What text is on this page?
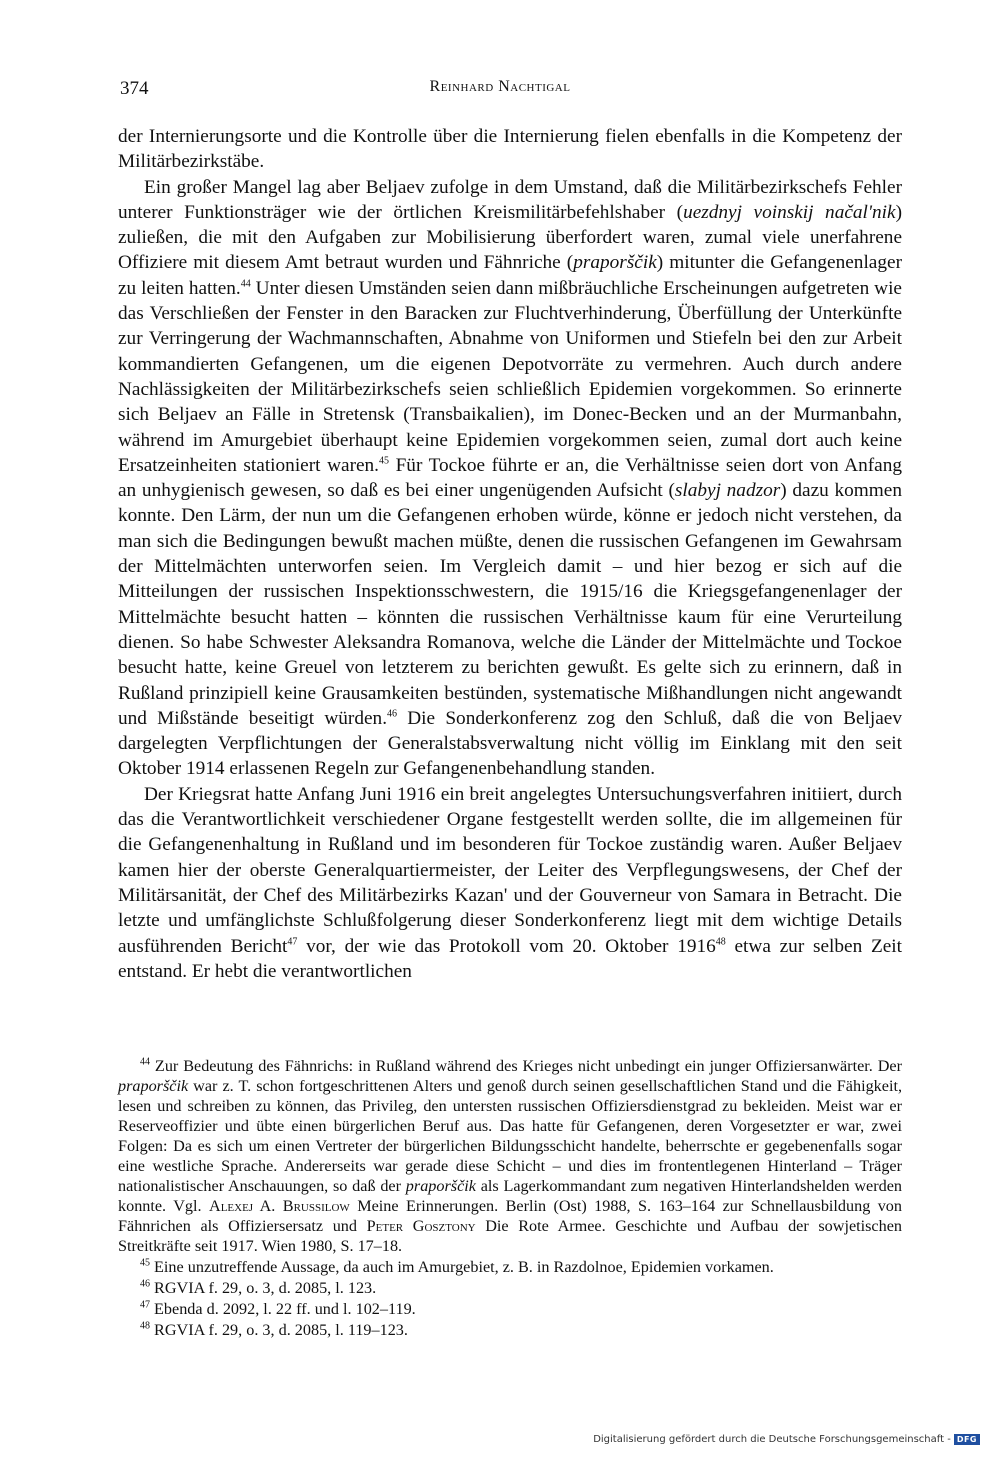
374	Reinhard Nachtigal

der Internierungsorte und die Kontrolle über die Internierung fielen ebenfalls in die Kompetenz der Militärbezirkstäbe.

Ein großer Mangel lag aber Beljaev zufolge in dem Umstand, daß die Militärbezirkschefs Fehler unterer Funktionsträger wie der örtlichen Kreismilitärbefehlshaber (uezdnyj voinskij načal'nik) zuließen, die mit den Aufgaben zur Mobilisierung überfordert waren, zumal viele unerfahrene Offiziere mit diesem Amt betraut wurden und Fähnriche (praporščik) mitunter die Gefangenenlager zu leiten hatten.$^{44}$ Unter diesen Umständen seien dann mißbräuchliche Erscheinungen aufgetreten wie das Verschließen der Fenster in den Baracken zur Fluchtverhinderung, Überfüllung der Unterkünfte zur Verringerung der Wachmannschaften, Abnahme von Uniformen und Stiefeln bei den zur Arbeit kommandierten Gefangenen, um die eigenen Depotvorräte zu vermehren. Auch durch andere Nachlässigkeiten der Militärbezirkschefs seien schließlich Epidemien vorgekommen. So erinnerte sich Beljaev an Fälle in Stretensk (Transbaikalien), im Donec-Becken und an der Murmanbahn, während im Amurgebiet überhaupt keine Epidemien vorgekommen seien, zumal dort auch keine Ersatzeinheiten stationiert waren.$^{45}$ Für Tockoe führte er an, die Verhältnisse seien dort von Anfang an unhygienisch gewesen, so daß es bei einer ungenügenden Aufsicht (slabyj nadzor) dazu kommen konnte. Den Lärm, der nun um die Gefangenen erhoben würde, könne er jedoch nicht verstehen, da man sich die Bedingungen bewußt machen müßte, denen die russischen Gefangenen im Gewahrsam der Mittelmächten unterworfen seien. Im Vergleich damit – und hier bezog er sich auf die Mitteilungen der russischen Inspektionsschwestern, die 1915/16 die Kriegsgefangenenlager der Mittelmächte besucht hatten – könnten die russischen Verhältnisse kaum für eine Verurteilung dienen. So habe Schwester Aleksandra Romanova, welche die Länder der Mittelmächte und Tockoe besucht hatte, keine Greuel von letzterem zu berichten gewußt. Es gelte sich zu erinnern, daß in Rußland prinzipiell keine Grausamkeiten bestünden, systematische Mißhandlungen nicht angewandt und Mißstände beseitigt würden.$^{46}$ Die Sonderkonferenz zog den Schluß, daß die von Beljaev dargelegten Verpflichtungen der Generalstabsverwaltung nicht völlig im Einklang mit den seit Oktober 1914 erlassenen Regeln zur Gefangenenbehandlung standen.

Der Kriegsrat hatte Anfang Juni 1916 ein breit angelegtes Untersuchungsverfahren initiiert, durch das die Verantwortlichkeit verschiedener Organe festgestellt werden sollte, die im allgemeinen für die Gefangenenhaltung in Rußland und im besonderen für Tockoe zuständig waren. Außer Beljaev kamen hier der oberste Generalquartiermeister, der Leiter des Verpflegungswesens, der Chef der Militärsanität, der Chef des Militärbezirks Kazan' und der Gouverneur von Samara in Betracht. Die letzte und umfänglichste Schlußfolgerung dieser Sonderkonferenz liegt mit dem wichtige Details ausführenden Bericht$^{47}$ vor, der wie das Protokoll vom 20. Oktober 1916$^{48}$ etwa zur selben Zeit entstand. Er hebt die verantwortlichen

$^{44}$ Zur Bedeutung des Fähnrichs: in Rußland während des Krieges nicht unbedingt ein junger Offiziersanwärter. Der praporščik war z. T. schon fortgeschrittenen Alters und genoß durch seinen gesellschaftlichen Stand und die Fähigkeit, lesen und schreiben zu können, das Privileg, den untersten russischen Offiziersdienstgrad zu bekleiden. Meist war er Reserveoffizier und übte einen bürgerlichen Beruf aus. Das hatte für Gefangenen, deren Vorgesetzter er war, zwei Folgen: Da es sich um einen Vertreter der bürgerlichen Bildungsschicht handelte, beherrschte er gegebenenfalls sogar eine westliche Sprache. Andererseits war gerade diese Schicht – und dies im frontentlegenen Hinterland – Träger nationalistischer Anschauungen, so daß der praporščik als Lagerkommandant zum negativen Hinterlandshelden werden konnte. Vgl. Alexej A. Brussilow Meine Erinnerungen. Berlin (Ost) 1988, S. 163–164 zur Schnellausbildung von Fähnrichen als Offiziersersatz und Peter Gosztony Die Rote Armee. Geschichte und Aufbau der sowjetischen Streitkräfte seit 1917. Wien 1980, S. 17–18.

$^{45}$ Eine unzutreffende Aussage, da auch im Amurgebiet, z. B. in Razdolnoe, Epidemien vorkamen.

$^{46}$ RGVIA f. 29, o. 3, d. 2085, l. 123.

$^{47}$ Ebenda d. 2092, l. 22 ff. und l. 102–119.

$^{48}$ RGVIA f. 29, o. 3, d. 2085, l. 119–123.

Digitalisierung gefördert durch die Deutsche Forschungsgemeinschaft - DFG
